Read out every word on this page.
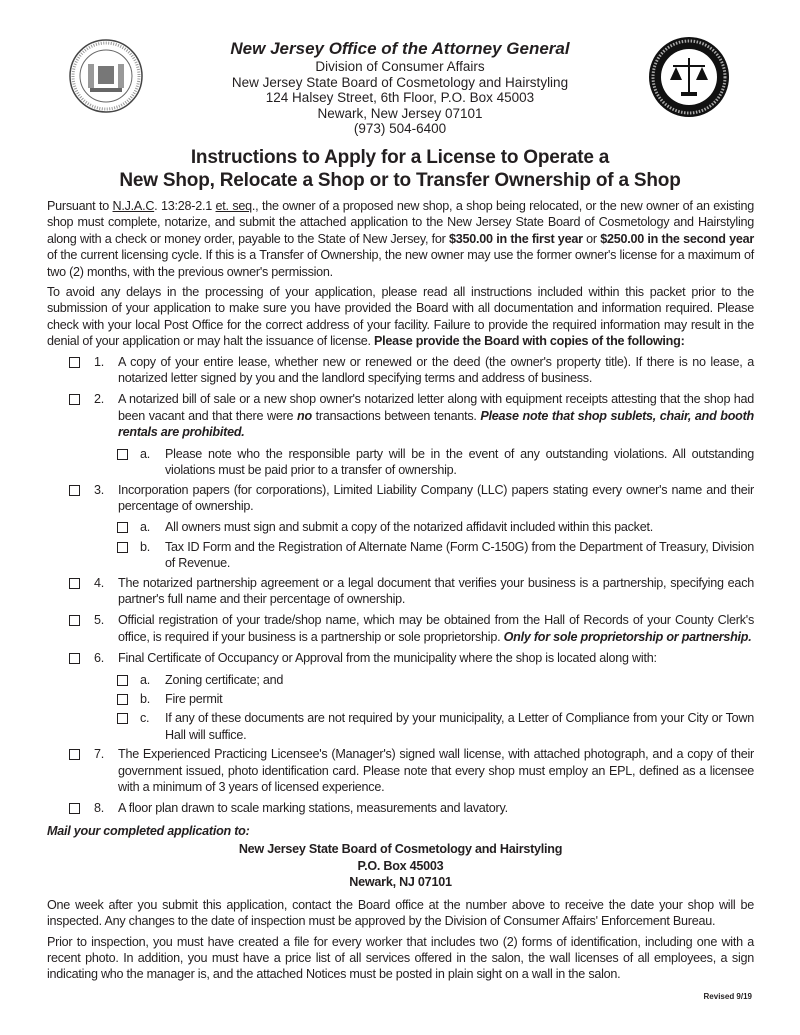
New Jersey Office of the Attorney General
Division of Consumer Affairs
New Jersey State Board of Cosmetology and Hairstyling
124 Halsey Street, 6th Floor, P.O. Box 45003
Newark, New Jersey 07101
(973) 504-6400
Instructions to Apply for a License to Operate a
New Shop, Relocate a Shop or to Transfer Ownership of a Shop

Pursuant to N.J.A.C. 13:28-2.1 et. seq., the owner of a proposed new shop, a shop being relocated, or the new owner of an existing shop must complete, notarize, and submit the attached application to the New Jersey State Board of Cosmetology and Hairstyling along with a check or money order, payable to the State of New Jersey, for $350.00 in the first year or $250.00 in the second year of the current licensing cycle. If this is a Transfer of Ownership, the new owner may use the former owner's license for a maximum of two (2) months, with the previous owner's permission.

To avoid any delays in the processing of your application, please read all instructions included within this packet prior to the submission of your application to make sure you have provided the Board with all documentation and information required. Please check with your local Post Office for the correct address of your facility. Failure to provide the required information may result in the denial of your application or may halt the issuance of license. Please provide the Board with copies of the following:

1. A copy of your entire lease, whether new or renewed or the deed (the owner's property title). If there is no lease, a notarized letter signed by you and the landlord specifying terms and address of business.
2. A notarized bill of sale or a new shop owner's notarized letter along with equipment receipts attesting that the shop had been vacant and that there were no transactions between tenants. Please note that shop sublets, chair, and booth rentals are prohibited.
a. Please note who the responsible party will be in the event of any outstanding violations. All outstanding violations must be paid prior to a transfer of ownership.
3. Incorporation papers (for corporations), Limited Liability Company (LLC) papers stating every owner's name and their percentage of ownership.
a. All owners must sign and submit a copy of the notarized affidavit included within this packet.
b. Tax ID Form and the Registration of Alternate Name (Form C-150G) from the Department of Treasury, Division of Revenue.
4. The notarized partnership agreement or a legal document that verifies your business is a partnership, specifying each partner's full name and their percentage of ownership.
5. Official registration of your trade/shop name, which may be obtained from the Hall of Records of your County Clerk's office, is required if your business is a partnership or sole proprietorship. Only for sole proprietorship or partnership.
6. Final Certificate of Occupancy or Approval from the municipality where the shop is located along with:
a. Zoning certificate; and
b. Fire permit
c. If any of these documents are not required by your municipality, a Letter of Compliance from your City or Town Hall will suffice.
7. The Experienced Practicing Licensee's (Manager's) signed wall license, with attached photograph, and a copy of their government issued, photo identification card. Please note that every shop must employ an EPL, defined as a licensee with a minimum of 3 years of licensed experience.
8. A floor plan drawn to scale marking stations, measurements and lavatory.
Mail your completed application to:
New Jersey State Board of Cosmetology and Hairstyling
P.O. Box 45003
Newark, NJ 07101

One week after you submit this application, contact the Board office at the number above to receive the date your shop will be inspected. Any changes to the date of inspection must be approved by the Division of Consumer Affairs' Enforcement Bureau.

Prior to inspection, you must have created a file for every worker that includes two (2) forms of identification, including one with a recent photo. In addition, you must have a price list of all services offered in the salon, the wall licenses of all employees, a sign indicating who the manager is, and the attached Notices must be posted in plain sight on a wall in the salon.

Revised 9/19
